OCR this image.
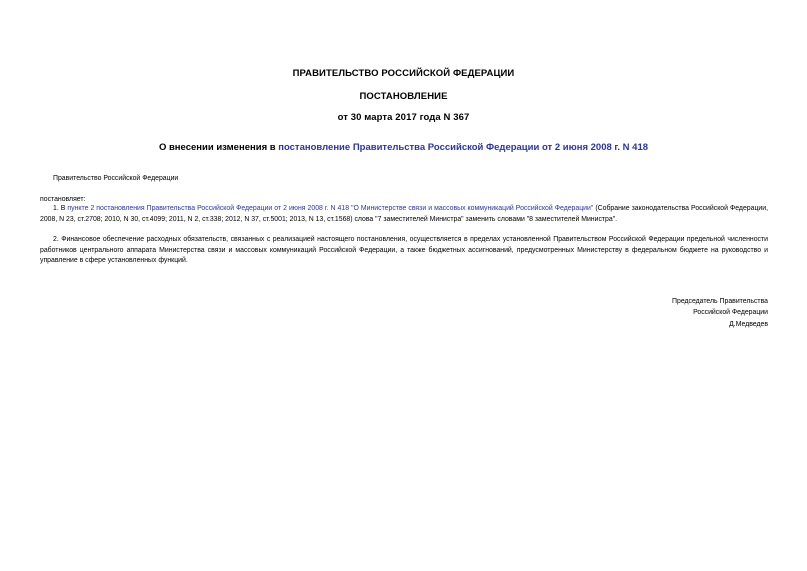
ПРАВИТЕЛЬСТВО РОССИЙСКОЙ ФЕДЕРАЦИИ
ПОСТАНОВЛЕНИЕ
от 30 марта 2017 года N 367
О внесении изменения в постановление Правительства Российской Федерации от 2 июня 2008 г. N 418
Правительство Российской Федерации
постановляет:
1. В пункте 2 постановления Правительства Российской Федерации от 2 июня 2008 г. N 418 "О Министерстве связи и массовых коммуникаций Российской Федерации" (Собрание законодательства Российской Федерации, 2008, N 23, ст.2708; 2010, N 30, ст.4099; 2011, N 2, ст.338; 2012, N 37, ст.5001; 2013, N 13, ст.1568) слова "7 заместителей Министра" заменить словами "8 заместителей Министра".
2. Финансовое обеспечение расходных обязательств, связанных с реализацией настоящего постановления, осуществляется в пределах установленной Правительством Российской Федерации предельной численности работников центрального аппарата Министерства связи и массовых коммуникаций Российской Федерации, а также бюджетных ассигнований, предусмотренных Министерству в федеральном бюджете на руководство и управление в сфере установленных функций.
Председатель Правительства
Российской Федерации
Д.Медведев
